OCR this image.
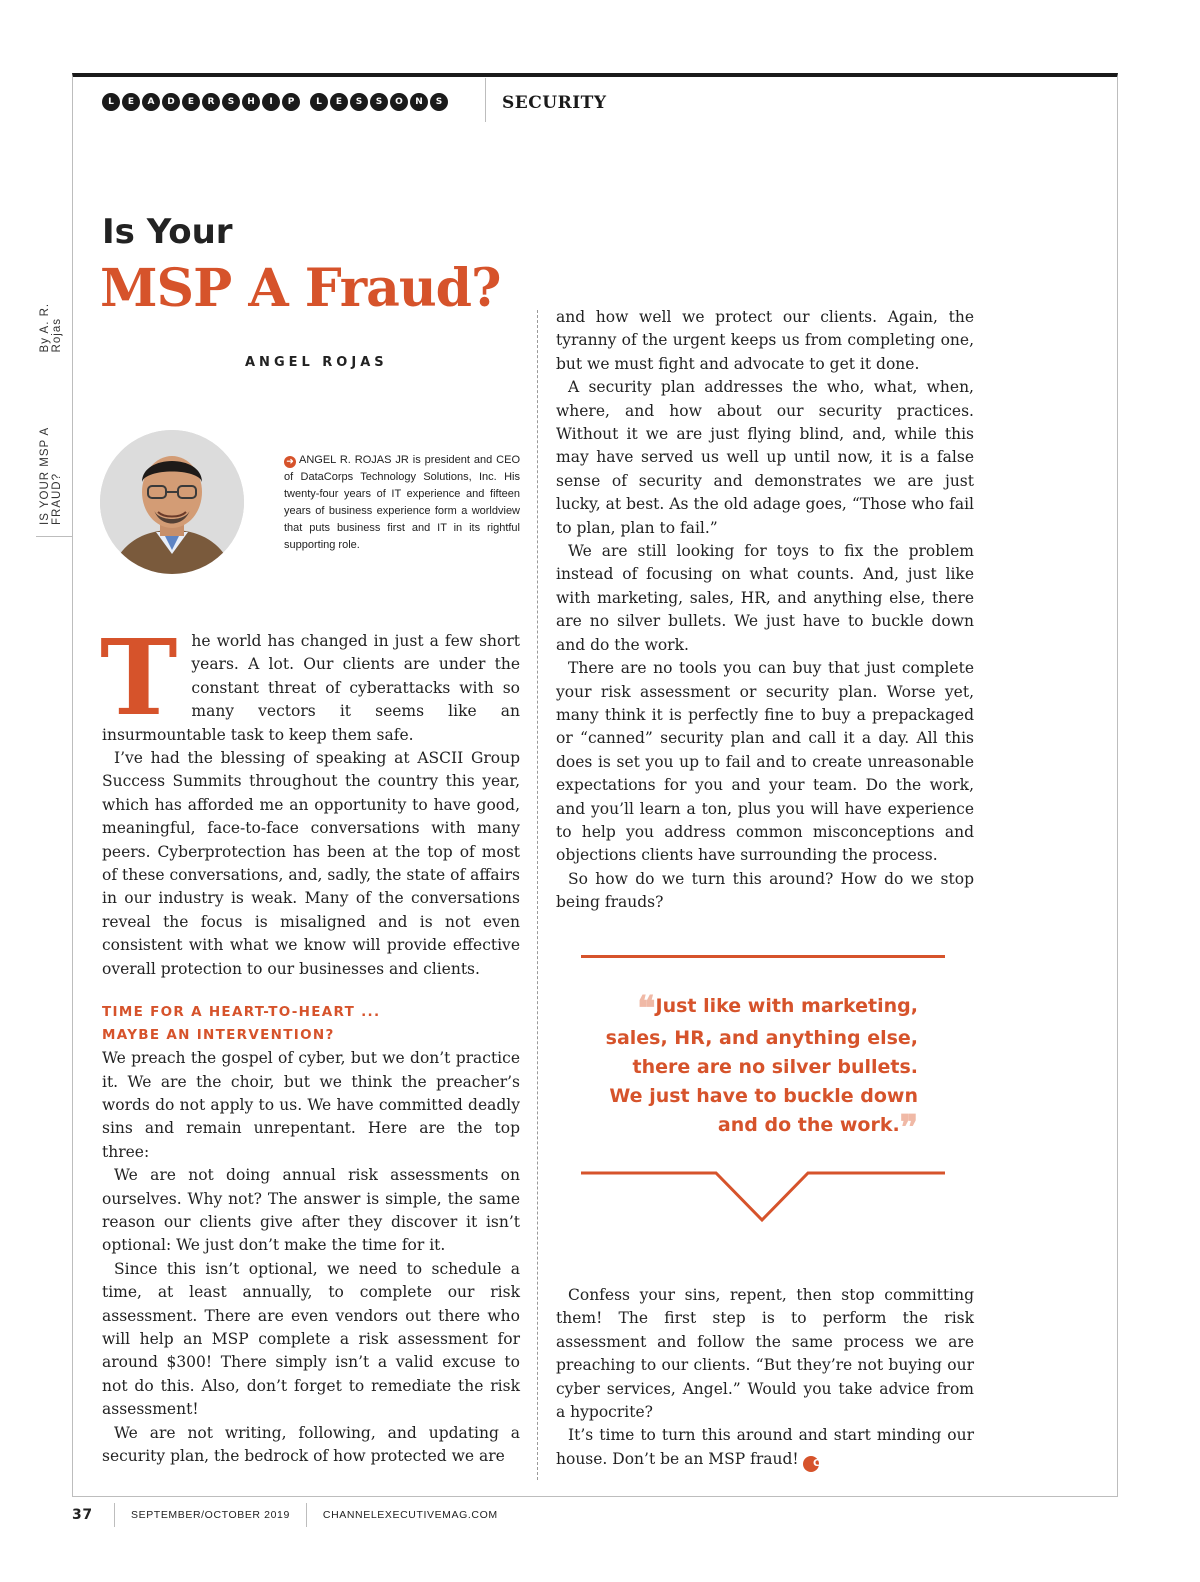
L	E	A	D	E	R	S	H	I	P	L	E	S	S	O	N	S	SECURITY
IS YOUR MSP A FRAUD?
By A. R. Rojas
Is Your
MSP A Fraud?
ANGEL ROJAS
➜ ANGEL R. ROJAS JR is president and CEO of DataCorps Technology Solutions, Inc. His twenty-four years of IT experience and fifteen years of business experience form a worldview that puts business first and IT in its rightful supporting role.
T he world has changed in just a few short years. A lot. Our clients are under the constant threat of cyberattacks with so many vectors it seems like an insurmountable task to keep them safe.

I’ve had the blessing of speaking at ASCII Group Success Summits throughout the country this year, which has afforded me an opportunity to have good, meaningful, face-to-face conversations with many peers. Cyberprotection has been at the top of most of these conversations, and, sadly, the state of affairs in our industry is weak. Many of the conversations reveal the focus is misaligned and is not even consistent with what we know will provide effective overall protection to our businesses and clients.

TIME FOR A HEART-TO-HEART ...
MAYBE AN INTERVENTION?

We preach the gospel of cyber, but we don’t practice it. We are the choir, but we think the preacher’s words do not apply to us. We have committed deadly sins and remain unrepentant. Here are the top three:

We are not doing annual risk assessments on ourselves. Why not? The answer is simple, the same reason our clients give after they discover it isn’t optional: We just don’t make the time for it.

Since this isn’t optional, we need to schedule a time, at least annually, to complete our risk assessment. There are even vendors out there who will help an MSP complete a risk assessment for around $300! There simply isn’t a valid excuse to not do this. Also, don’t forget to remediate the risk assessment!

We are not writing, following, and updating a security plan, the bedrock of how protected we are

and how well we protect our clients. Again, the tyranny of the urgent keeps us from completing one, but we must fight and advocate to get it done.

A security plan addresses the who, what, when, where, and how about our security practices. Without it we are just flying blind, and, while this may have served us well up until now, it is a false sense of security and demonstrates we are just lucky, at best. As the old adage goes, “Those who fail to plan, plan to fail.”

We are still looking for toys to fix the problem instead of focusing on what counts. And, just like with marketing, sales, HR, and anything else, there are no silver bullets. We just have to buckle down and do the work.

There are no tools you can buy that just complete your risk assessment or security plan. Worse yet, many think it is perfectly fine to buy a prepackaged or “canned” security plan and call it a day. All this does is set you up to fail and to create unreasonable expectations for you and your team. Do the work, and you’ll learn a ton, plus you will have experience to help you address common misconceptions and objections clients have surrounding the process.

So how do we turn this around? How do we stop being frauds?

❝Just like with marketing, sales, HR, and anything else, there are no silver bullets. We just have to buckle down and do the work.❞

Confess your sins, repent, then stop committing them! The first step is to perform the risk assessment and follow the same process we are preaching to our clients. “But they’re not buying our cyber services, Angel.” Would you take advice from a hypocrite?

It’s time to turn this around and start minding our house. Don’t be an MSP fraud! C

37	SEPTEMBER/OCTOBER 2019	CHANNELEXECUTIVEMAG.COM
